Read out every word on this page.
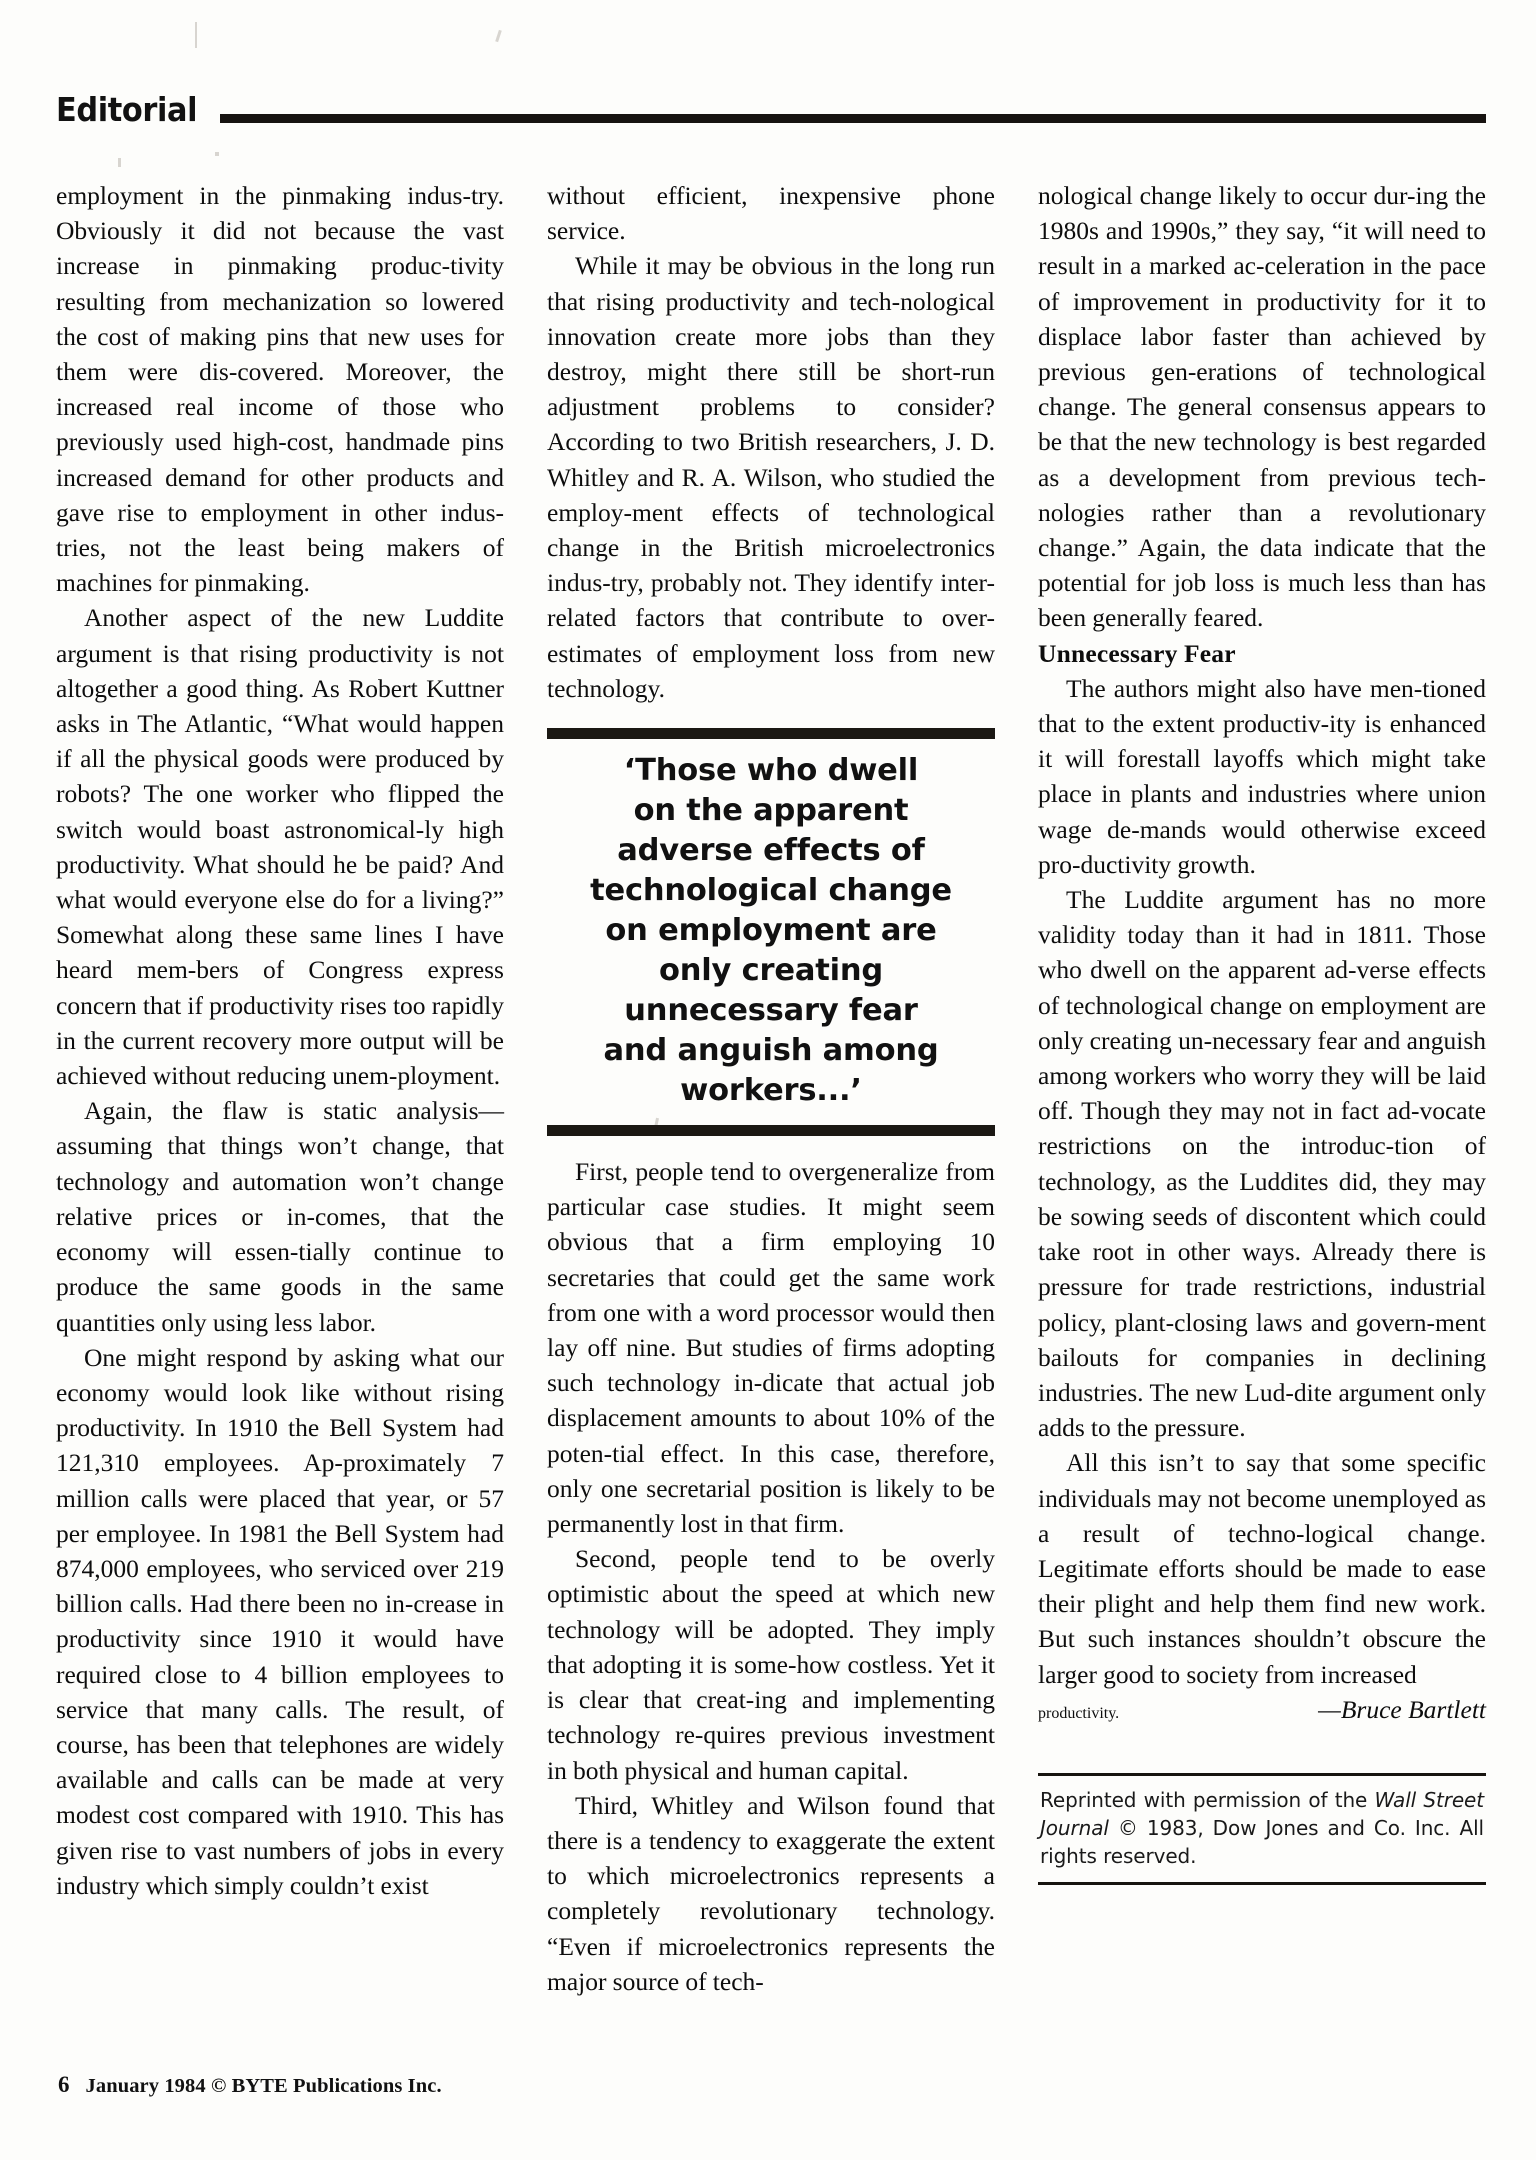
Editorial

employment in the pinmaking indus-try. Obviously it did not because the vast increase in pinmaking produc-tivity resulting from mechanization so lowered the cost of making pins that new uses for them were dis-covered. Moreover, the increased real income of those who previously used high-cost, handmade pins increased demand for other products and gave rise to employment in other indus-tries, not the least being makers of machines for pinmaking.

Another aspect of the new Luddite argument is that rising productivity is not altogether a good thing. As Robert Kuttner asks in The Atlantic, “What would happen if all the physical goods were produced by robots? The one worker who flipped the switch would boast astronomical-ly high productivity. What should he be paid? And what would everyone else do for a living?” Somewhat along these same lines I have heard mem-bers of Congress express concern that if productivity rises too rapidly in the current recovery more output will be achieved without reducing unem-ployment.

Again, the flaw is static analysis—assuming that things won’t change, that technology and automation won’t change relative prices or in-comes, that the economy will essen-tially continue to produce the same goods in the same quantities only using less labor.

One might respond by asking what our economy would look like without rising productivity. In 1910 the Bell System had 121,310 employees. Ap-proximately 7 million calls were placed that year, or 57 per employee. In 1981 the Bell System had 874,000 employees, who serviced over 219 billion calls. Had there been no in-crease in productivity since 1910 it would have required close to 4 billion employees to service that many calls. The result, of course, has been that telephones are widely available and calls can be made at very modest cost compared with 1910. This has given rise to vast numbers of jobs in every industry which simply couldn’t exist

without efficient, inexpensive phone service.

While it may be obvious in the long run that rising productivity and tech-nological innovation create more jobs than they destroy, might there still be short-run adjustment problems to consider? According to two British researchers, J. D. Whitley and R. A. Wilson, who studied the employ-ment effects of technological change in the British microelectronics indus-try, probably not. They identify inter-related factors that contribute to over-estimates of employment loss from new technology.

‘Those who dwell
on the apparent
adverse effects of
technological change
on employment are
only creating
unnecessary fear
and anguish among
workers...’

First, people tend to overgeneralize from particular case studies. It might seem obvious that a firm employing 10 secretaries that could get the same work from one with a word processor would then lay off nine. But studies of firms adopting such technology in-dicate that actual job displacement amounts to about 10% of the poten-tial effect. In this case, therefore, only one secretarial position is likely to be permanently lost in that firm.

Second, people tend to be overly optimistic about the speed at which new technology will be adopted. They imply that adopting it is some-how costless. Yet it is clear that creat-ing and implementing technology re-quires previous investment in both physical and human capital.

Third, Whitley and Wilson found that there is a tendency to exaggerate the extent to which microelectronics represents a completely revolutionary technology. “Even if microelectronics represents the major source of tech-

nological change likely to occur dur-ing the 1980s and 1990s,” they say, “it will need to result in a marked ac-celeration in the pace of improvement in productivity for it to displace labor faster than achieved by previous gen-erations of technological change. The general consensus appears to be that the new technology is best regarded as a development from previous tech-nologies rather than a revolutionary change.” Again, the data indicate that the potential for job loss is much less than has been generally feared.

Unnecessary Fear

The authors might also have men-tioned that to the extent productiv-ity is enhanced it will forestall layoffs which might take place in plants and industries where union wage de-mands would otherwise exceed pro-ductivity growth.

The Luddite argument has no more validity today than it had in 1811. Those who dwell on the apparent ad-verse effects of technological change on employment are only creating un-necessary fear and anguish among workers who worry they will be laid off. Though they may not in fact ad-vocate restrictions on the introduc-tion of technology, as the Luddites did, they may be sowing seeds of discontent which could take root in other ways. Already there is pressure for trade restrictions, industrial policy, plant-closing laws and govern-ment bailouts for companies in declining industries. The new Lud-dite argument only adds to the pressure.

All this isn’t to say that some specific individuals may not become unemployed as a result of techno-logical change. Legitimate efforts should be made to ease their plight and help them find new work. But such instances shouldn’t obscure the larger good to society from increased

productivity.	—Bruce Bartlett
Reprinted with permission of the Wall Street Journal © 1983, Dow Jones and Co. Inc. All rights reserved.
6 January 1984 © BYTE Publications Inc.
